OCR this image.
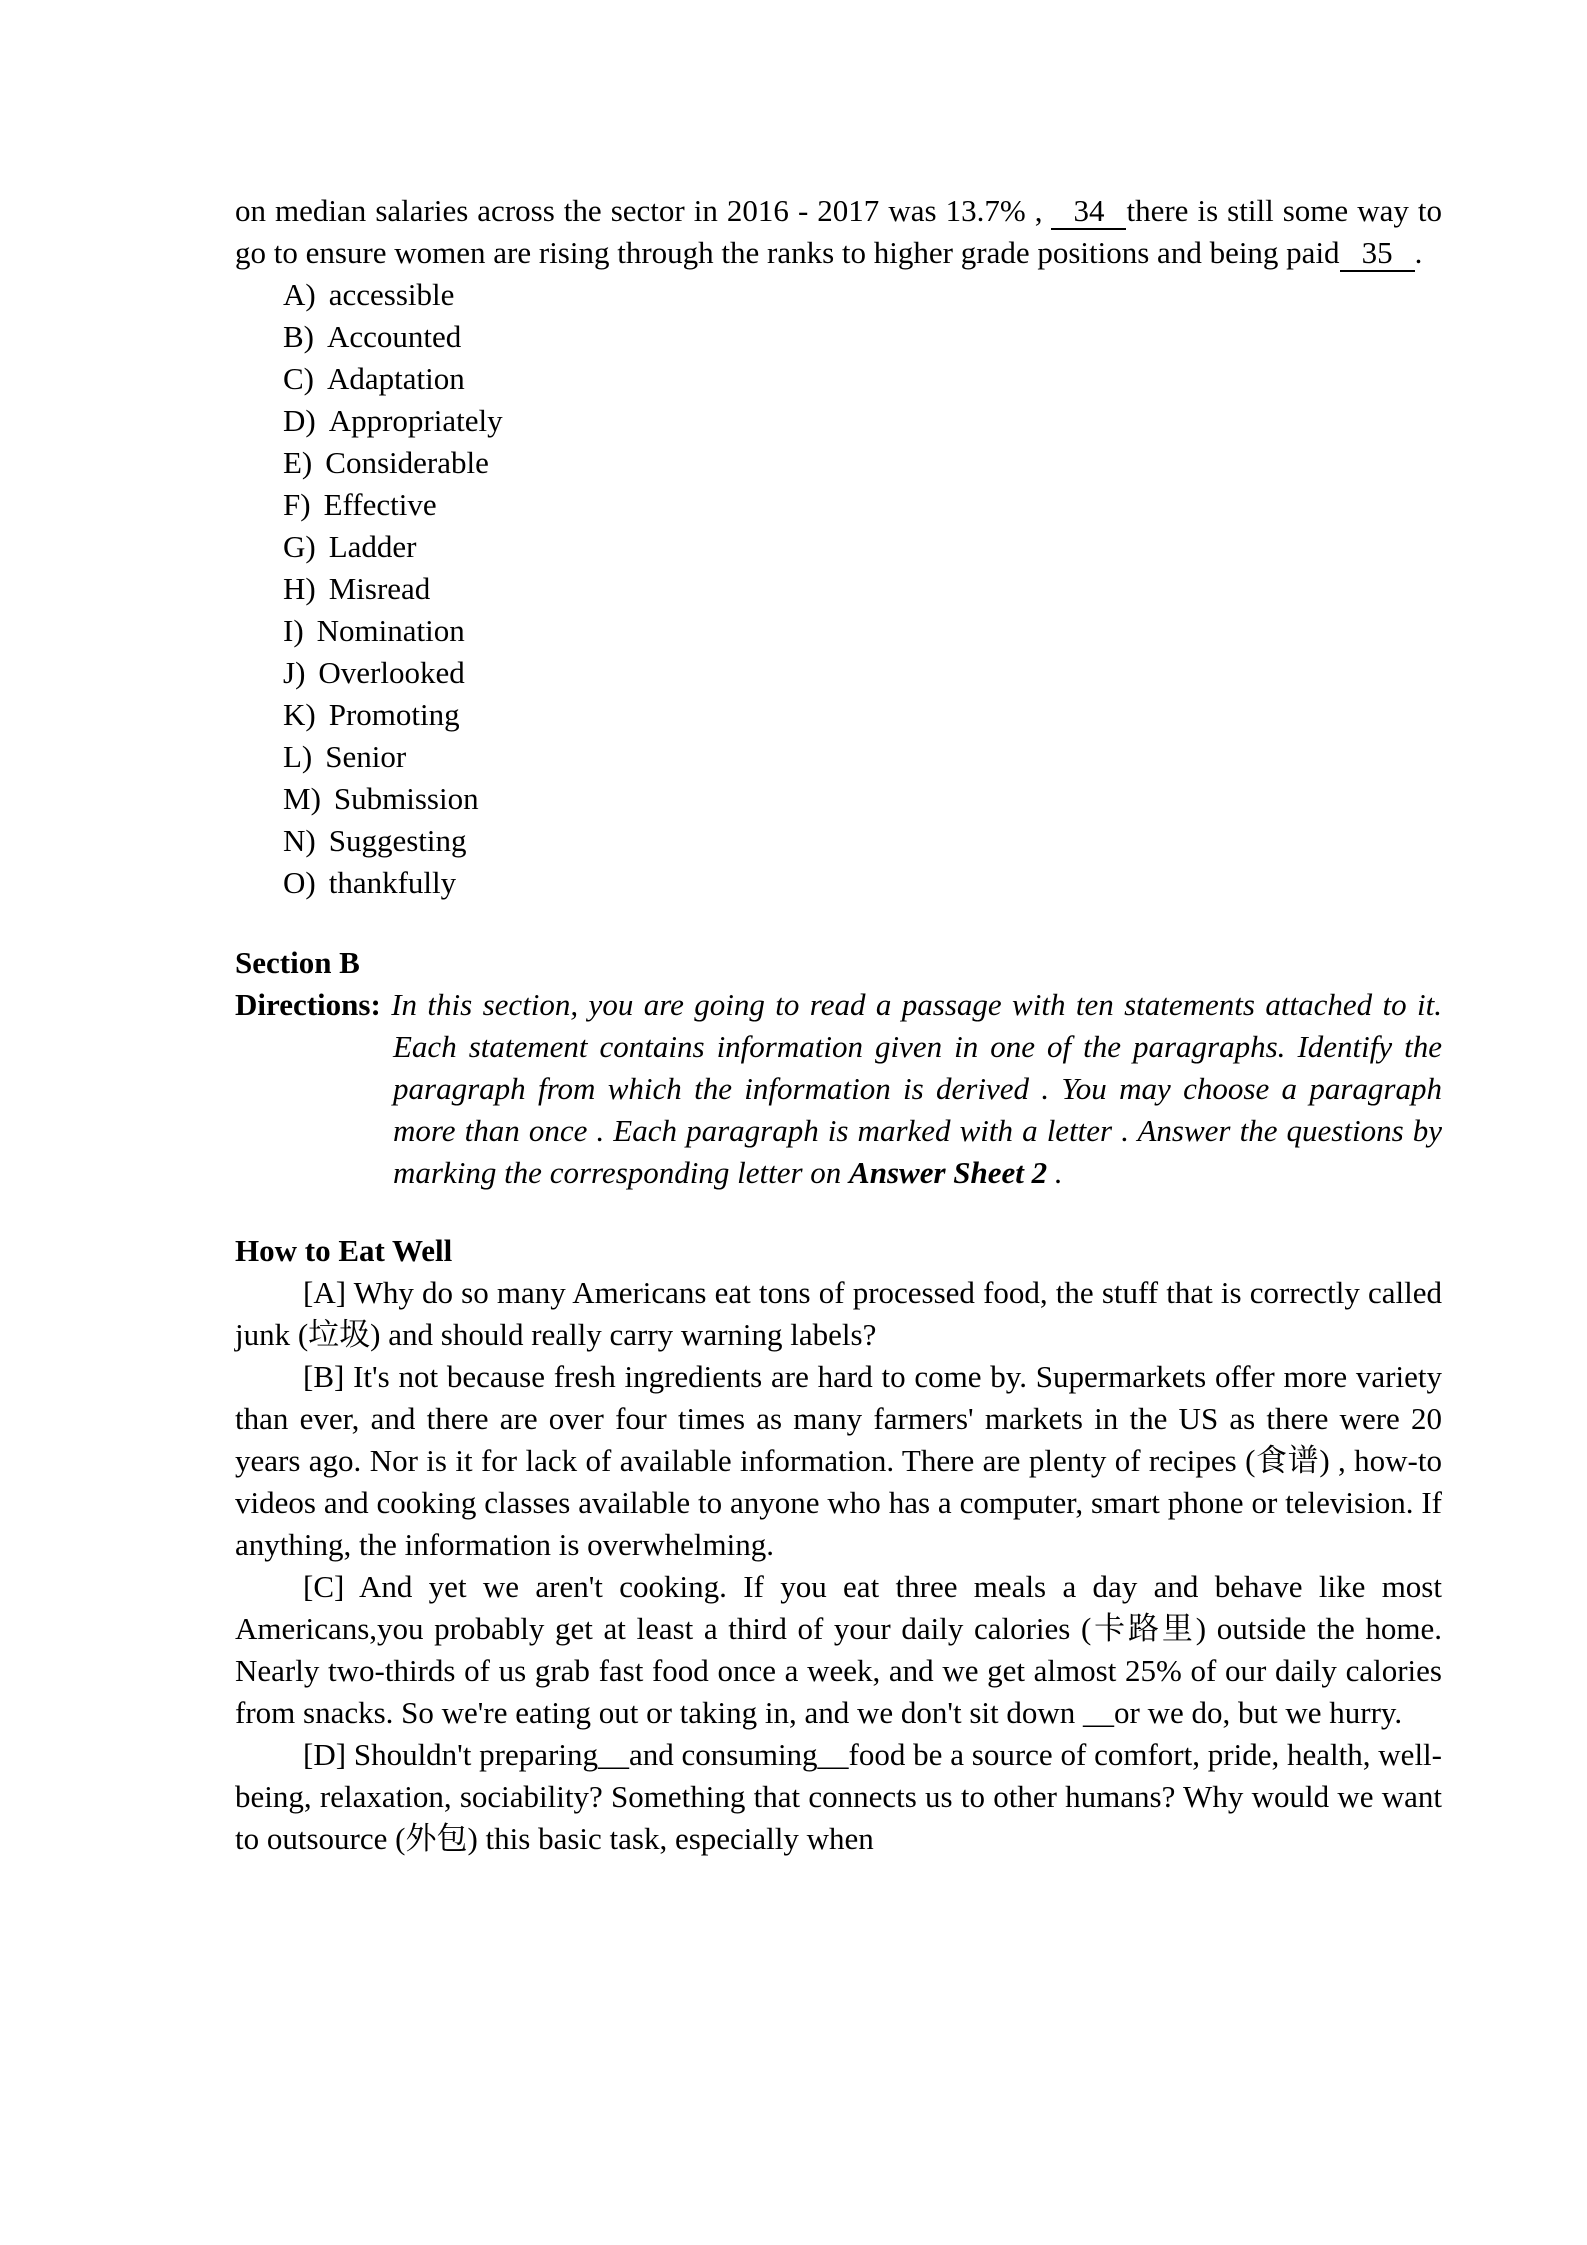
on median salaries across the sector in 2016 - 2017 was 13.7% , 34 there is still some way to go to ensure women are rising through the ranks to higher grade positions and being paid 35 .

A) accessible
B) Accounted
C) Adaptation
D) Appropriately
E) Considerable
F) Effective
G) Ladder
H) Misread
I) Nomination
J) Overlooked
K) Promoting
L) Senior
M) Submission
N) Suggesting
O) thankfully

Section B

Directions: In this section, you are going to read a passage with ten statements attached to it. Each statement contains information given in one of the paragraphs. Identify the paragraph from which the information is derived . You may choose a paragraph more than once . Each paragraph is marked with a letter . Answer the questions by marking the corresponding letter on Answer Sheet 2 .

How to Eat Well

[A] Why do so many Americans eat tons of processed food, the stuff that is correctly called junk (垃圾) and should really carry warning labels?

[B] It's not because fresh ingredients are hard to come by. Supermarkets offer more variety than ever, and there are over four times as many farmers' markets in the US as there were 20 years ago. Nor is it for lack of available information. There are plenty of recipes (食谱) , how-to videos and cooking classes available to anyone who has a computer, smart phone or television. If anything, the information is overwhelming.

[C] And yet we aren't cooking. If you eat three meals a day and behave like most Americans,you probably get at least a third of your daily calories (卡路里) outside the home. Nearly two-thirds of us grab fast food once a week, and we get almost 25% of our daily calories from snacks. So we're eating out or taking in, and we don't sit down __or we do, but we hurry.

[D] Shouldn't preparing__and consuming__food be a source of comfort, pride, health, well-being, relaxation, sociability? Something that connects us to other humans? Why would we want to outsource (外包) this basic task, especially when
